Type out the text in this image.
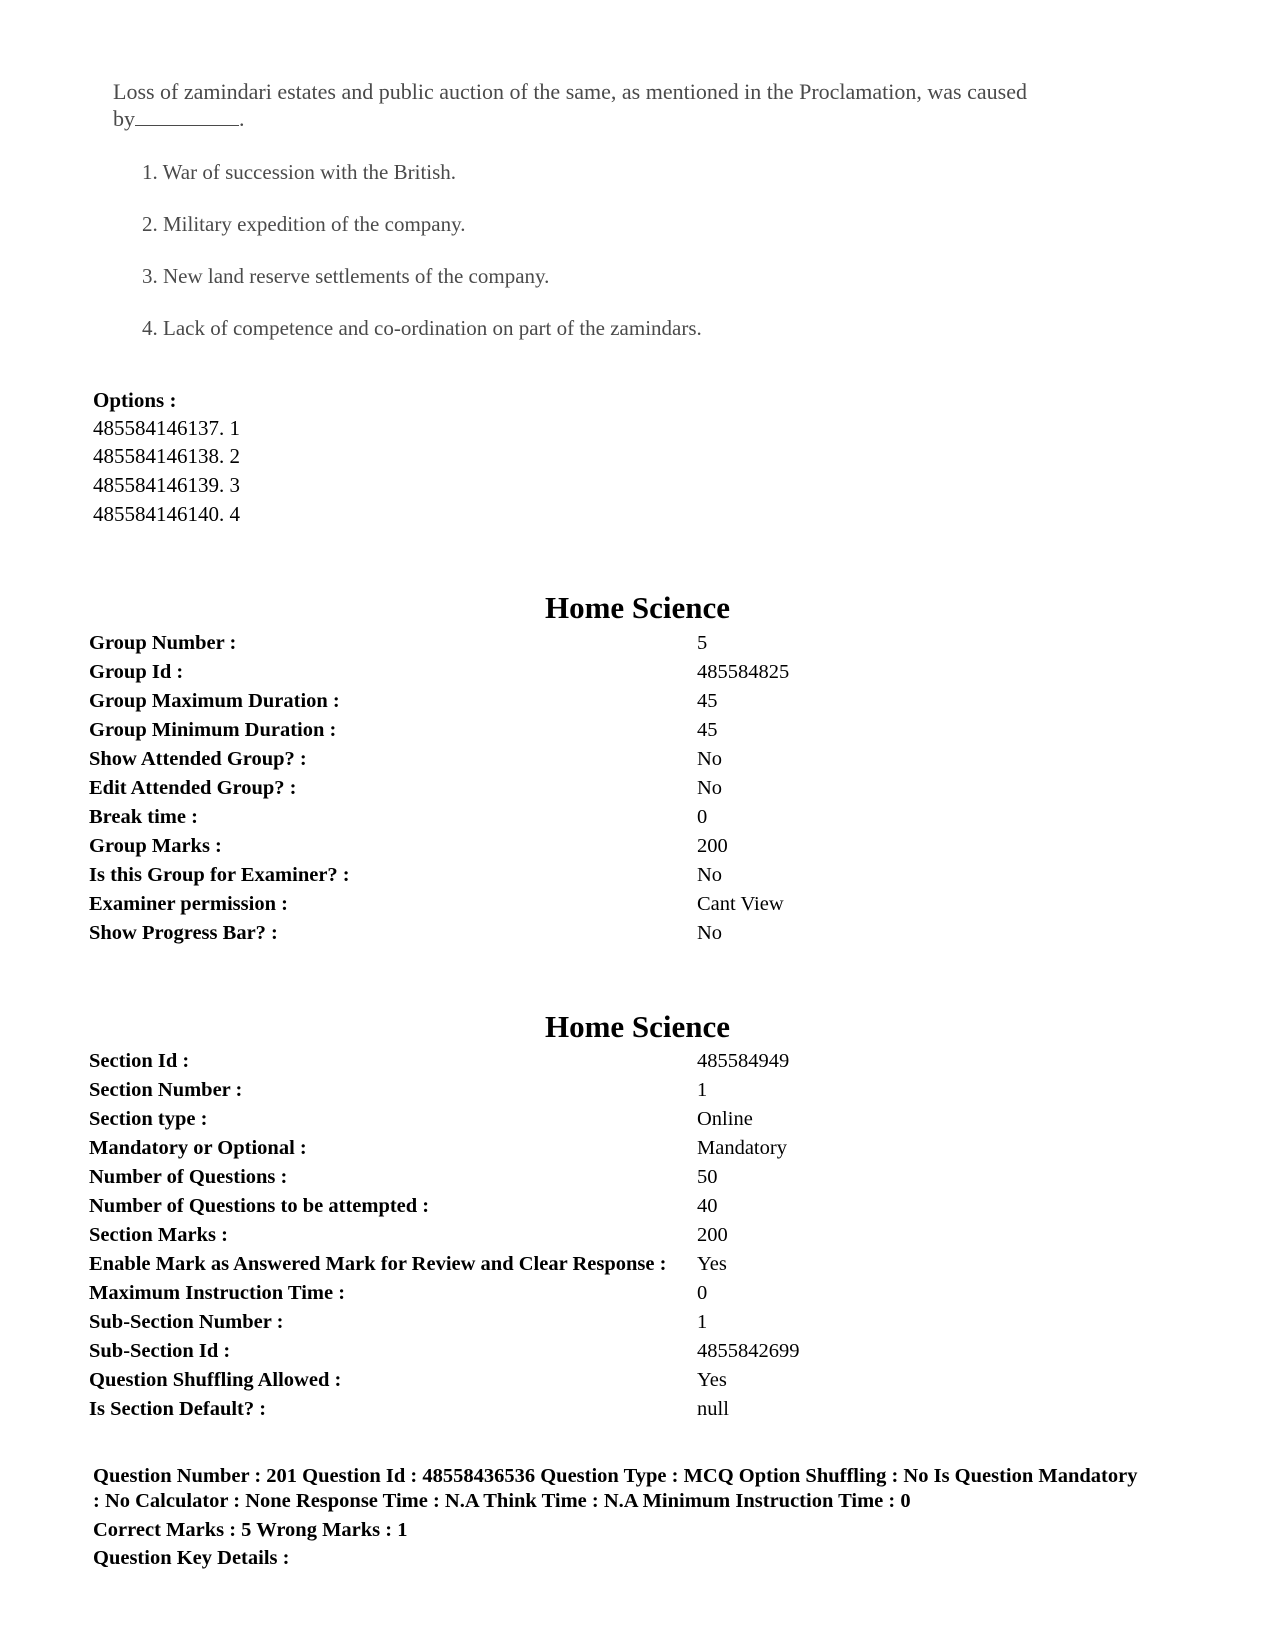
Loss of zamindari estates and public auction of the same, as mentioned in the Proclamation, was caused
by	.
1. War of succession with the British.
2. Military expedition of the company.
3. New land reserve settlements of the company.
4. Lack of competence and co-ordination on part of the zamindars.
Options :
485584146137. 1
485584146138. 2
485584146139. 3
485584146140. 4
Home Science
Group Number :	5
Group Id :	485584825
Group Maximum Duration :	45
Group Minimum Duration :	45
Show Attended Group? :	No
Edit Attended Group? :	No
Break time :	0
Group Marks :	200
Is this Group for Examiner? :	No
Examiner permission :	Cant View
Show Progress Bar? :	No
Home Science
Section Id :	485584949
Section Number :	1
Section type :	Online
Mandatory or Optional :	Mandatory
Number of Questions :	50
Number of Questions to be attempted :	40
Section Marks :	200
Enable Mark as Answered Mark for Review and Clear Response : Yes
Maximum Instruction Time :	0
Sub-Section Number :	1
Sub-Section Id :	4855842699
Question Shuffling Allowed :	Yes
Is Section Default? :	null
Question Number : 201 Question Id : 48558436536 Question Type : MCQ Option Shuffling : No Is Question Mandatory
: No Calculator : None Response Time : N.A Think Time : N.A Minimum Instruction Time : 0
Correct Marks : 5 Wrong Marks : 1
Question Key Details :
